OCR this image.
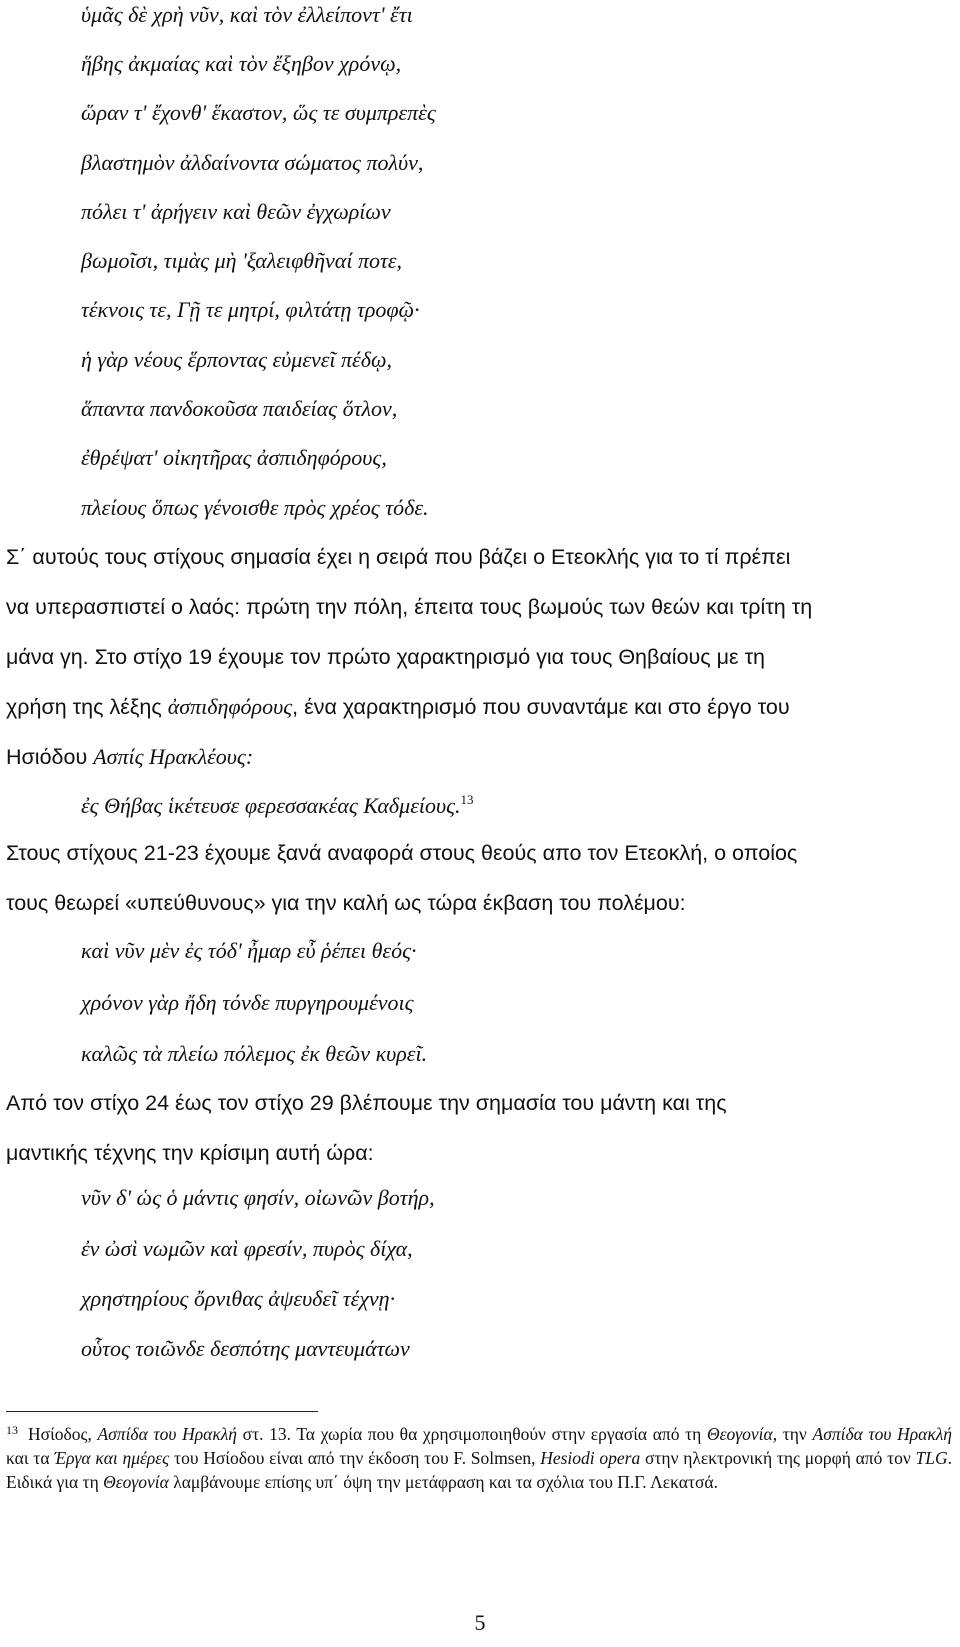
ὑμᾶς δὲ χρὴ νῦν, καὶ τὸν ἐλλείποντ' ἔτι

ἥβης ἀκμαίας καὶ τὸν ἔξηβον χρόνῳ,

ὥραν τ' ἔχονθ' ἕκαστον, ὥς τε συμπρεπὲς

βλαστημὸν ἀλδαίνοντα σώματος πολύν,

πόλει τ' ἀρήγειν καὶ θεῶν ἐγχωρίων

βωμοῖσι, τιμὰς μὴ 'ξαλειφθῆναί ποτε,

τέκνοις τε, Γῇ τε μητρί, φιλτάτῃ τροφῷ·

ἡ γὰρ νέους ἕρποντας εὐμενεῖ πέδῳ,

ἅπαντα πανδοκοῦσα παιδείας ὅτλον,

ἐθρέψατ' οἰκητῆρας ἀσπιδηφόρους,

πλείους ὅπως γένοισθε πρὸς χρέος τόδε.

Σ΄ αυτούς τους στίχους σημασία έχει η σειρά που βάζει ο Ετεοκλής για το τί πρέπει
να υπερασπιστεί ο λαός: πρώτη την πόλη, έπειτα τους βωμούς των θεών και τρίτη τη
μάνα γη. Στο στίχο 19 έχουμε τον πρώτο χαρακτηρισμό για τους Θηβαίους με τη
χρήση της λέξης ἀσπιδηφόρους, ένα χαρακτηρισμό που συναντάμε και στο έργο του
Ησιόδου Ασπίς Ηρακλέους:

ἐς Θήβας ἱκέτευσε φερεσσακέας Καδμείους.$^{13}$

Στους στίχους 21-23 έχουμε ξανά αναφορά στους θεούς απο τον Ετεοκλή, ο οποίος
τους θεωρεί «υπεύθυνους» για την καλή ως τώρα έκβαση του πολέμου:

καὶ νῦν μὲν ἐς τόδ' ἦμαρ εὖ ῥέπει θεός·

χρόνον γὰρ ἤδη τόνδε πυργηρουμένοις

καλῶς τὰ πλείω πόλεμος ἐκ θεῶν κυρεῖ.

Από τον στίχο 24 έως τον στίχο 29 βλέπουμε την σημασία του μάντη και της
μαντικής τέχνης την κρίσιμη αυτή ώρα:

νῦν δ' ὡς ὁ μάντις φησίν, οἰωνῶν βοτήρ,

ἐν ὠσὶ νωμῶν καὶ φρεσίν, πυρὸς δίχα,

χρηστηρίους ὄρνιθας ἀψευδεῖ τέχνῃ·

οὗτος τοιῶνδε δεσπότης μαντευμάτων

$^{13}$ Ησίοδος, Ασπίδα του Ηρακλή στ. 13. Τα χωρία που θα χρησιμοποιηθούν στην εργασία από τη Θεογονία, την Ασπίδα του Ηρακλή και τα Έργα και ημέρες του Ησίοδου είναι από την έκδοση του F. Solmsen, Hesiodi opera στην ηλεκτρονική της μορφή από τον TLG. Ειδικά για τη Θεογονία λαμβάνουμε επίσης υπ΄ όψη την μετάφραση και τα σχόλια του Π.Γ. Λεκατσά.

5
